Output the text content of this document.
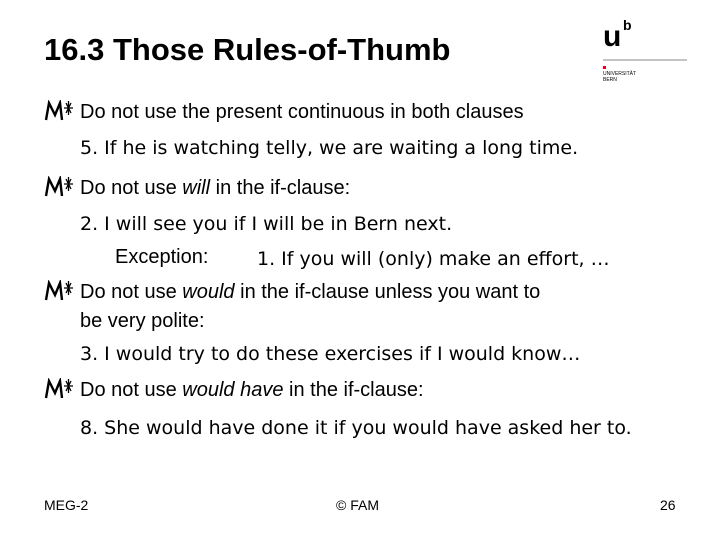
16.3 Those Rules-of-Thumb	u b
UNIVERSITÄT
BERN
Do not use the present continuous in both clauses
5. If he is watching telly, we are waiting a long time.
Do not use will in the if-clause:
2. I will see you if I will be in Bern next.
Exception:	1. If you will (only) make an effort, …
Do not use would in the if-clause unless you want to
be very polite:
3. I would try to do these exercises if I would know…
Do not use would have in the if-clause:
8. She would have done it if you would have asked her to.
MEG-2	© FAM	26
